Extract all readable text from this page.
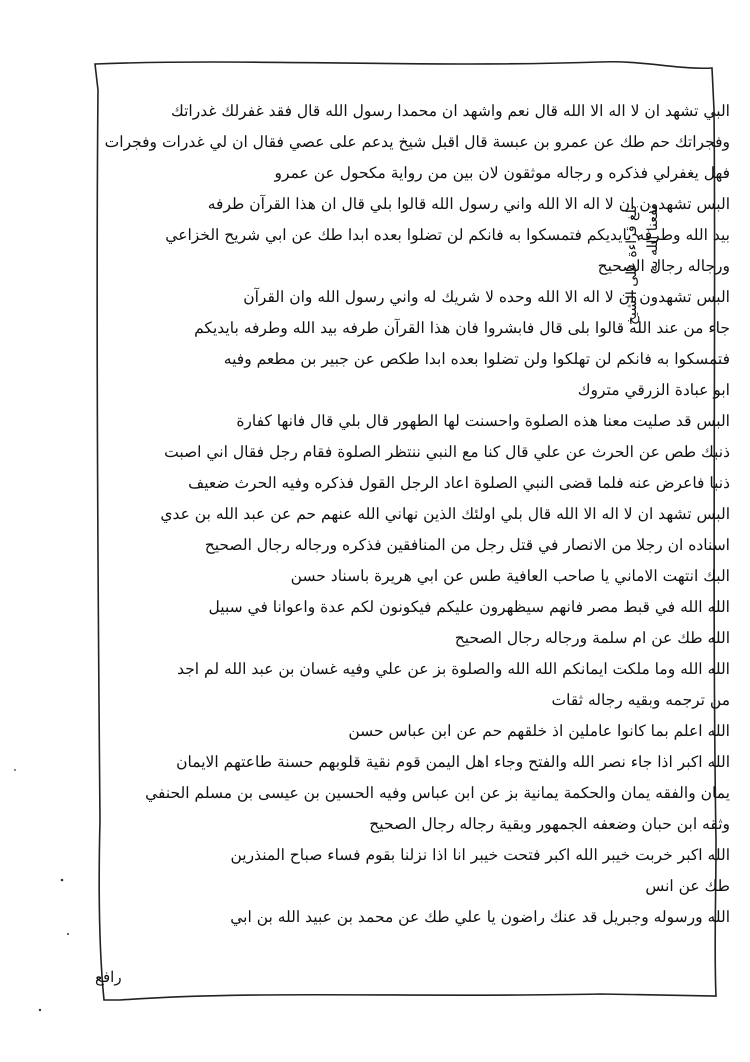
البي تشهد ان لا اله الا الله قال نعم واشهد ان محمدا رسول الله قال فقد غفرلك غدراتك
وفجراتك حم طك عن عمرو بن عبسة قال اقبل شيخ يدعم على عصي فقال ان لي غدرات وفجرات
فهل يغفرلي فذكره و رجاله موثقون لان بين من رواية مكحول عن عمرو
البس تشهدون ان لا اله الا الله واني رسول الله قالوا بلي قال ان هذا القرآن طرفه
بيد الله وطرفه بايديكم فتمسكوا به فانكم لن تضلوا بعده ابدا طك عن ابي شريح الخزاعي
ورجاله رجال الصحيح
البس تشهدون ان لا اله الا الله وحده لا شريك له واني رسول الله وان القرآن
جاء من عند الله قالوا بلى قال فابشروا فان هذا القرآن طرفه بيد الله وطرفه بايديكم
فتمسكوا به فانكم لن تهلكوا ولن تضلوا بعده ابدا طكص عن جبير بن مطعم وفيه
ابو عبادة الزرقي متروك
البس قد صليت معنا هذه الصلوة واحسنت لها الطهور قال بلي قال فانها كفارة
ذنبك طص عن الحرث عن علي قال كنا مع النبي ننتظر الصلوة فقام رجل فقال اني اصبت
ذنبا فاعرض عنه فلما قضى النبي الصلوة اعاد الرجل القول فذكره وفيه الحرث ضعيف
البس تشهد ان لا اله الا الله قال بلي اولئك الذين نهاني الله عنهم حم عن عبد الله بن عدي
اسناده ان رجلا من الانصار في قتل رجل من المنافقين فذكره ورجاله رجال الصحيح
البك انتهت الاماني يا صاحب العافية طس عن ابي هريرة باسناد حسن
الله الله في قبط مصر فانهم سيظهرون عليكم فيكونون لكم عدة واعوانا في سبيل
الله طك عن ام سلمة ورجاله رجال الصحيح
الله الله وما ملكت ايمانكم الله الله والصلوة بز عن علي وفيه غسان بن عبد الله لم اجد
من ترجمه وبقيه رجاله ثقات
الله اعلم بما كانوا عاملين اذ خلقهم حم عن ابن عباس حسن
الله اكبر اذا جاء نصر الله والفتح وجاء اهل اليمن قوم نقية قلوبهم حسنة طاعتهم الايمان
يمان والفقه يمان والحكمة يمانية بز عن ابن عباس وفيه الحسين بن عيسى بن مسلم الحنفي
وثقه ابن حبان وضعفه الجمهور وبقية رجاله رجال الصحيح
الله اكبر خربت خيبر الله اكبر فتحت خيبر انا اذا نزلنا بقوم فساء صباح المنذرين
طك عن انس
الله ورسوله وجبريل قد عنك راضون يا علي طك عن محمد بن عبيد الله بن ابي
بلغ قراءة على الشيخ نفعنا الله به
رافع
